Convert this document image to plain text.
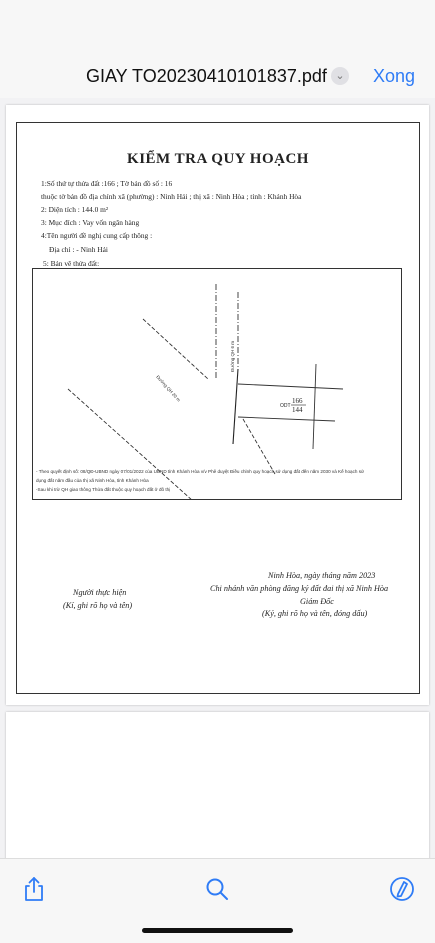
GIAY TO20230410101837.pdf ⌄ Xong
KIỂM TRA QUY HOẠCH
1:Số thứ tự thửa đất :166 ; Tờ bản đồ số : 16
thuộc tờ bản đồ địa chính xã (phường) : Ninh Hải ; thị xã : Ninh Hòa ; tỉnh : Khánh Hòa
2: Diện tích : 144.0 m²
3: Mục đích : Vay vốn ngân hàng
4:Tên người đề nghị cung cấp thông :
Địa chỉ : - Ninh Hải
5: Bản vẽ thửa đất:
Đường QH 20 m
Đường QH 6 m
ODT
166
144
- Theo quyết định số: 08/QĐ-UBND ngày 07/01/2022 của UBND tỉnh Khánh Hòa v/v Phê duyệt Điều chỉnh quy hoạch sử dụng đất đến năm 2030 và Kế hoạch sử
dụng đất năm đầu của thị xã Ninh Hòa, tỉnh Khánh Hòa
-Sau khi trừ QH giao thông Thửa đất thuộc quy hoạch đất ở đô thị
Ninh Hòa, ngày tháng năm 2023
Chi nhánh văn phòng đăng ký đất đai thị xã Ninh Hòa
Giám Đốc
(Ký, ghi rõ họ và tên, đóng dấu)
Người thực hiện
(Kí, ghi rõ họ và tên)
